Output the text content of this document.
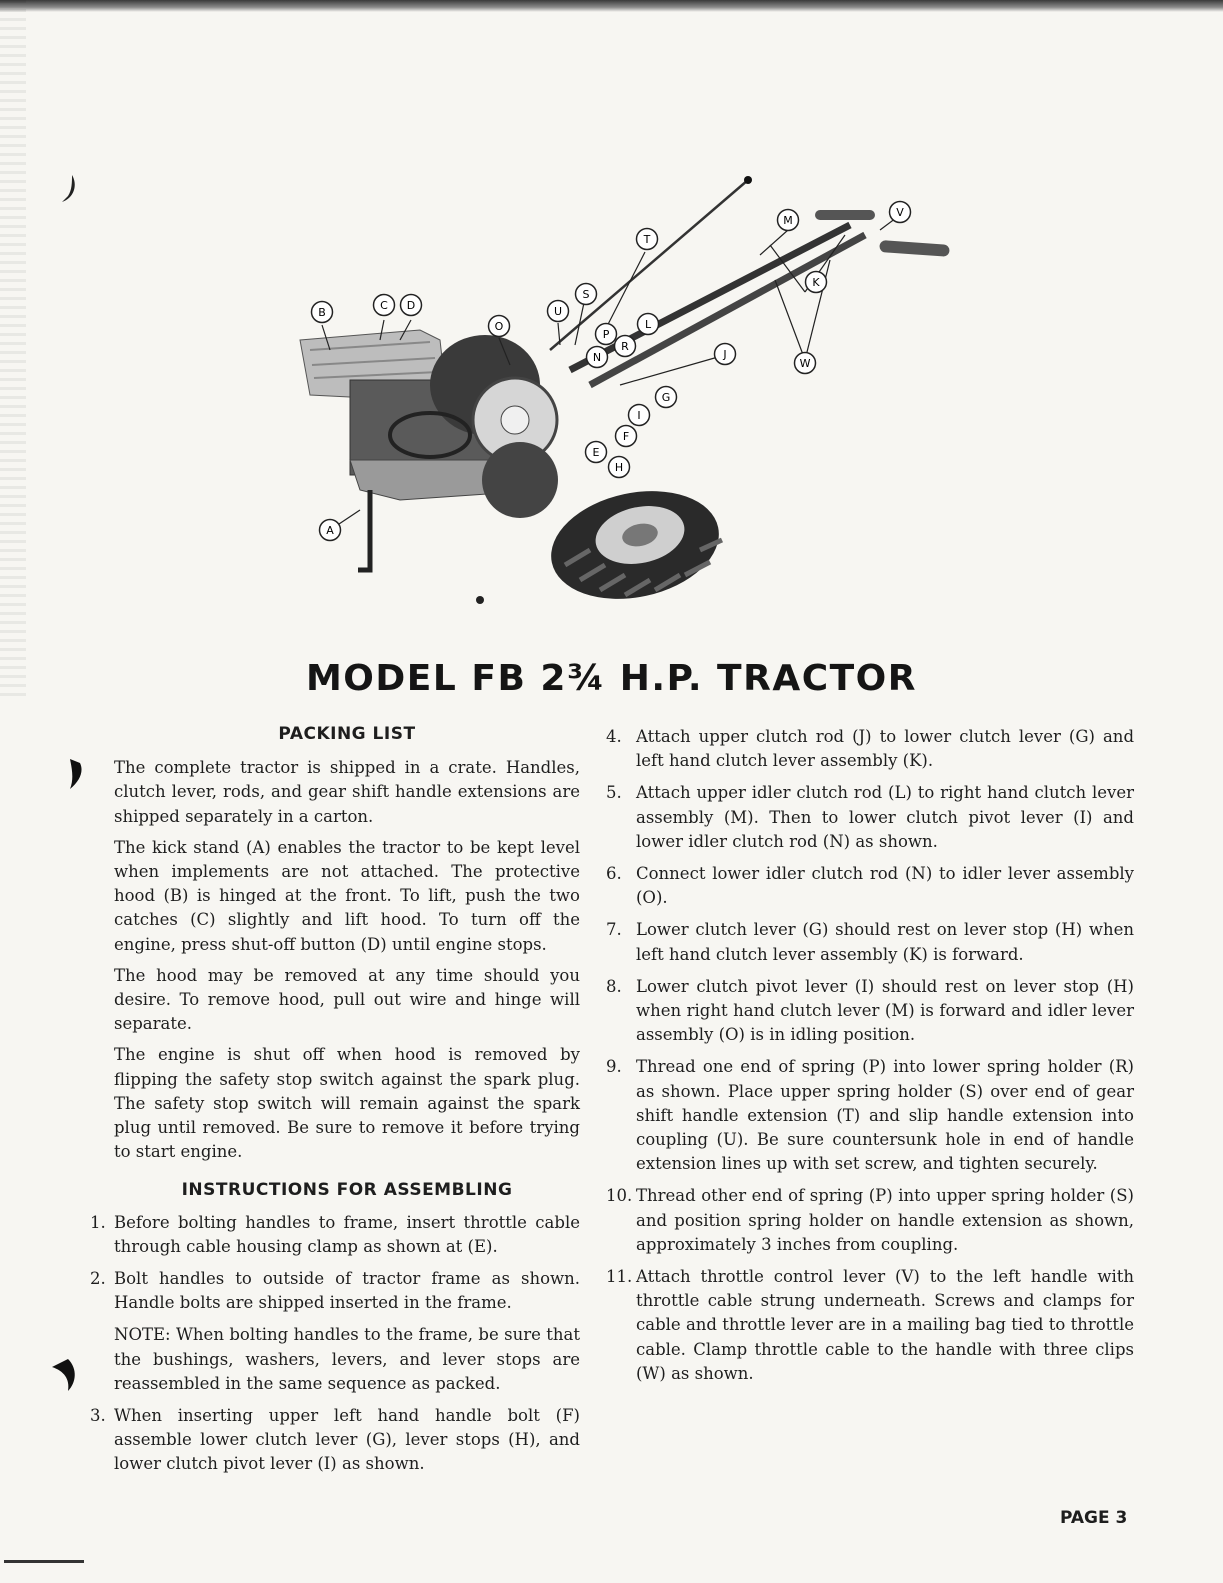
A
B
C D
O
U
S
T
P
N
R
L
J
M
V
K
W
G
I
F
E
H
MODEL FB 2¾ H.P. TRACTOR
PACKING LIST

The complete tractor is shipped in a crate. Handles, clutch lever, rods, and gear shift handle extensions are shipped separately in a carton.

The kick stand (A) enables the tractor to be kept level when implements are not attached. The protective hood (B) is hinged at the front. To lift, push the two catches (C) slightly and lift hood. To turn off the engine, press shut-off button (D) until engine stops.

The hood may be removed at any time should you desire. To remove hood, pull out wire and hinge will separate.

The engine is shut off when hood is removed by flipping the safety stop switch against the spark plug. The safety stop switch will remain against the spark plug until removed. Be sure to remove it before trying to start engine.

INSTRUCTIONS FOR ASSEMBLING
1. Before bolting handles to frame, insert throttle cable through cable housing clamp as shown at (E).
2. Bolt handles to outside of tractor frame as shown. Handle bolts are shipped inserted in the frame.
NOTE: When bolting handles to the frame, be sure that the bushings, washers, levers, and lever stops are reassembled in the same sequence as packed.
3. When inserting upper left hand handle bolt (F) assemble lower clutch lever (G), lever stops (H), and lower clutch pivot lever (I) as shown.
4. Attach upper clutch rod (J) to lower clutch lever (G) and left hand clutch lever assembly (K).
5. Attach upper idler clutch rod (L) to right hand clutch lever assembly (M). Then to lower clutch pivot lever (I) and lower idler clutch rod (N) as shown.
6. Connect lower idler clutch rod (N) to idler lever assembly (O).
7. Lower clutch lever (G) should rest on lever stop (H) when left hand clutch lever assembly (K) is forward.
8. Lower clutch pivot lever (I) should rest on lever stop (H) when right hand clutch lever (M) is forward and idler lever assembly (O) is in idling position.
9. Thread one end of spring (P) into lower spring holder (R) as shown. Place upper spring holder (S) over end of gear shift handle extension (T) and slip handle extension into coupling (U). Be sure countersunk hole in end of handle extension lines up with set screw, and tighten securely.
10. Thread other end of spring (P) into upper spring holder (S) and position spring holder on handle extension as shown, approximately 3 inches from coupling.
11. Attach throttle control lever (V) to the left handle with throttle cable strung underneath. Screws and clamps for cable and throttle lever are in a mailing bag tied to throttle cable. Clamp throttle cable to the handle with three clips (W) as shown.
PAGE 3
